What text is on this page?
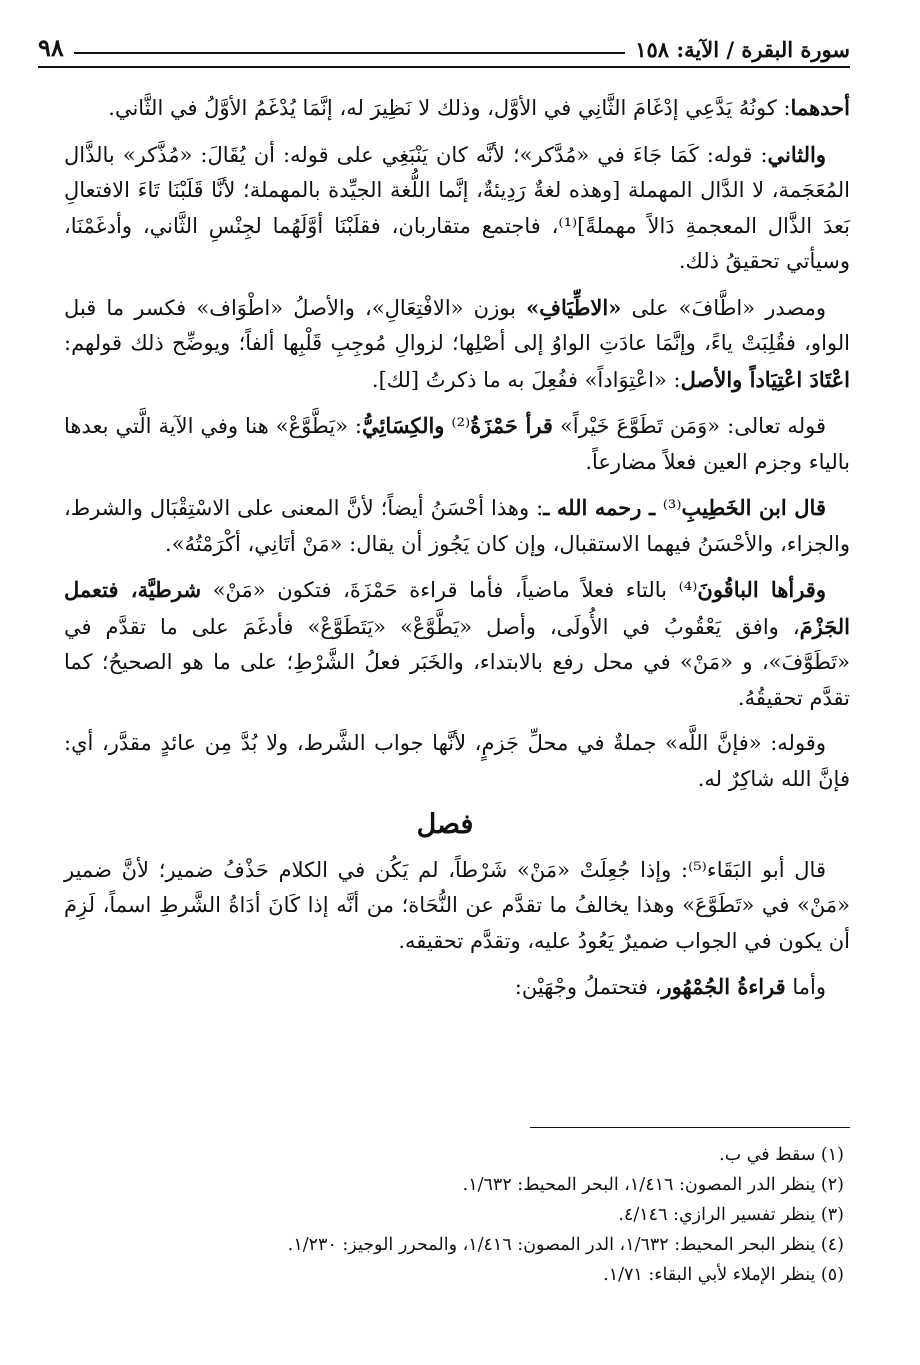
٩٨	سورة البقرة / الآية: ١٥٨

أحدهما: كونُهُ يَدَّعِي إدْغَامَ الثَّانِي في الأوَّل، وذلك لا نَظِيرَ له، إنَّمَا يُدْغَمُ الأوَّلُ في الثَّاني.

والثاني: قوله: كَمَا جَاءَ في «مُدَّكر»؛ لأنَّه كان يَنْبَغِي على قوله: أن يُقَالَ: «مُذَّكر» بالذَّال المُعَجَمة، لا الدَّال المهملة [وهذه لغةٌ رَدِيئةٌ، إنَّما اللُّغة الجيِّدة بالمهملة؛ لأنَّا قَلَبْنَا تَاءَ الافتعالِ بَعدَ الذَّال المعجمةِ دَالاً مهملةً]⁽¹⁾، فاجتمع متقاربان، فقلَبْنَا أوَّلَهُما لجِنْسِ الثَّاني، وأدغَمْنَا، وسيأتي تحقيقُ ذلك.

ومصدر «اطَّافَ» على «الاطِّيَافِ» بوزن «الافْتِعَالِ»، والأصلُ «اطْوَاف» فكسر ما قبل الواو، فقُلِبَتْ ياءً، وإنَّمَا عادَتِ الواوُ إلى أصْلِها؛ لزوالِ مُوجِبِ قَلْبِها ألفاً؛ ويوضِّح ذلك قولهم: اعْتَادَ اعْتِيَاداً والأصل: «اعْتِوَاداً» ففُعِلَ به ما ذكرتُ [لك].

قوله تعالى: «وَمَن تَطَوَّعَ خَيْراً» قرأ حَمْزَةُ⁽²⁾ والكِسَائِيُّ: «يَطَّوَّعْ» هنا وفي الآية الَّتي بعدها بالياء وجزم العين فعلاً مضارعاً.

قال ابن الخَطِيبِ⁽³⁾ ـ رحمه الله ـ: وهذا أحْسَنُ أيضاً؛ لأنَّ المعنى على الاسْتِقْبَال والشرط، والجزاء، والأحْسَنُ فيهما الاستقبال، وإن كان يَجُوز أن يقال: «مَنْ أتَانِي، أكْرَمْتُهُ».

وقرأها الباقُونَ⁽⁴⁾ بالتاء فعلاً ماضياً، فأما قراءة حَمْزَةَ، فتكون «مَنْ» شرطيَّة، فتعمل الجَزْمَ، وافق يَعْقُوبُ في الأُولَى، وأصل «يَطَّوَّعْ» «يَتَطَوَّعْ» فأدغَمَ على ما تقدَّم في «تَطَوَّفَ»، و «مَنْ» في محل رفع بالابتداء، والخَبَر فعلُ الشَّرْطِ؛ على ما هو الصحيحُ؛ كما تقدَّم تحقيقُهُ.

وقوله: «فإنَّ اللَّه» جملةٌ في محلِّ جَزمٍ، لأنَّها جواب الشَّرط، ولا بُدَّ مِن عائدٍ مقدَّر، أي: فإنَّ الله شاكِرٌ له.

فصل

قال أبو البَقَاء⁽⁵⁾: وإذا جُعِلَتْ «مَنْ» شَرْطاً، لم يَكُن في الكلام حَذْفُ ضمير؛ لأنَّ ضمير «مَنْ» في «تَطَوَّعَ» وهذا يخالفُ ما تقدَّم عن النُّحَاة؛ من أنَّه إذا كَانَ أدَاةُ الشَّرطِ اسماً، لَزِمَ أن يكون في الجواب ضميرٌ يَعُودُ عليه، وتقدَّم تحقيقه.

وأما قراءةُ الجُمْهُور، فتحتملُ وجْهَيْن:

(١) سقط في ب.
(٢) ينظر الدر المصون: ١/٤١٦، البحر المحيط: ١/٦٣٢.
(٣) ينظر تفسير الرازي: ٤/١٤٦.
(٤) ينظر البحر المحيط: ١/٦٣٢، الدر المصون: ١/٤١٦، والمحرر الوجيز: ١/٢٣٠.
(٥) ينظر الإملاء لأبي البقاء: ١/٧١.
